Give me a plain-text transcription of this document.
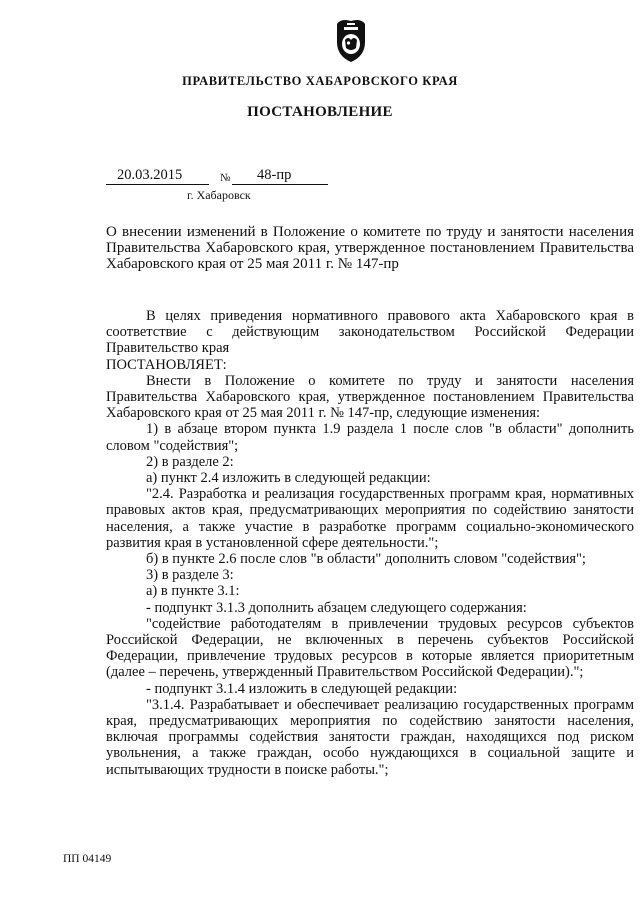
ПРАВИТЕЛЬСТВО ХАБАРОВСКОГО КРАЯ
ПОСТАНОВЛЕНИЕ
20.03.2015	№ 48-пр
г. Хабаровск
О внесении изменений в Положение о комитете по труду и занятости населения Правительства Хабаровского края, утвержденное постановлением Правительства Хабаровского края от 25 мая 2011 г. № 147-пр

В целях приведения нормативного правового акта Хабаровского края в соответствие с действующим законодательством Российской Федерации Правительство края

ПОСТАНОВЛЯЕТ:

Внести в Положение о комитете по труду и занятости населения Правительства Хабаровского края, утвержденное постановлением Правительства Хабаровского края от 25 мая 2011 г. № 147-пр, следующие изменения:

1) в абзаце втором пункта 1.9 раздела 1 после слов "в области" дополнить словом "содействия";

2) в разделе 2:

а) пункт 2.4 изложить в следующей редакции:

"2.4. Разработка и реализация государственных программ края, нормативных правовых актов края, предусматривающих мероприятия по содействию занятости населения, а также участие в разработке программ социально-экономического развития края в установленной сфере деятельности.";

б) в пункте 2.6 после слов "в области" дополнить словом "содействия";

3) в разделе 3:

а) в пункте 3.1:

- подпункт 3.1.3 дополнить абзацем следующего содержания:

"содействие работодателям в привлечении трудовых ресурсов субъектов Российской Федерации, не включенных в перечень субъектов Российской Федерации, привлечение трудовых ресурсов в которые является приоритетным (далее – перечень, утвержденный Правительством Российской Федерации).";

- подпункт 3.1.4 изложить в следующей редакции:

"3.1.4. Разрабатывает и обеспечивает реализацию государственных программ края, предусматривающих мероприятия по содействию занятости населения, включая программы содействия занятости граждан, находящихся под риском увольнения, а также граждан, особо нуждающихся в социальной защите и испытывающих трудности в поиске работы.";

ПП 04149
